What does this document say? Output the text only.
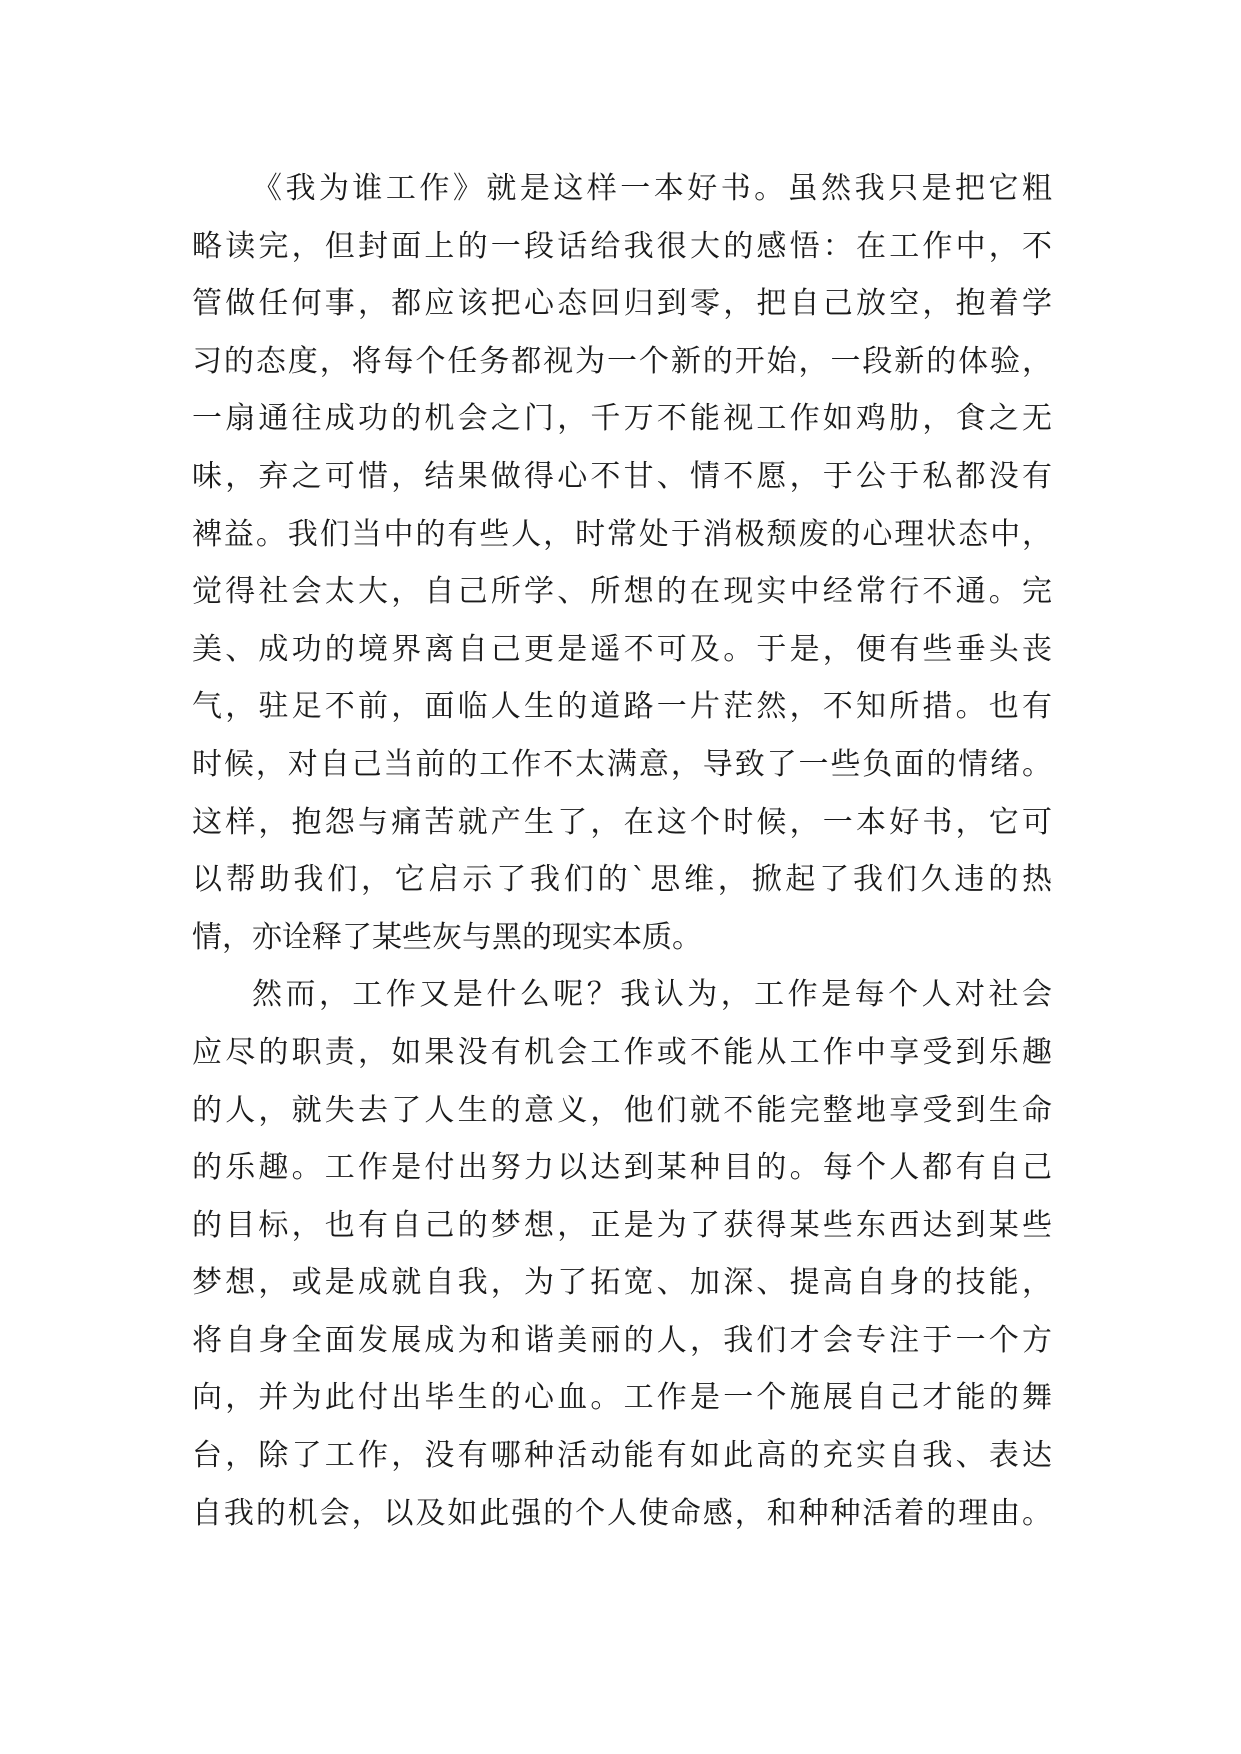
《我为谁工作》就是这样一本好书。虽然我只是把它粗
略读完，但封面上的一段话给我很大的感悟：在工作中，不
管做任何事，都应该把心态回归到零，把自己放空，抱着学
习的态度，将每个任务都视为一个新的开始，一段新的体验，
一扇通往成功的机会之门，千万不能视工作如鸡肋，食之无
味，弃之可惜，结果做得心不甘、情不愿，于公于私都没有
裨益。我们当中的有些人，时常处于消极颓废的心理状态中，
觉得社会太大，自己所学、所想的在现实中经常行不通。完
美、成功的境界离自己更是遥不可及。于是，便有些垂头丧
气，驻足不前，面临人生的道路一片茫然，不知所措。也有
时候，对自己当前的工作不太满意，导致了一些负面的情绪。
这样，抱怨与痛苦就产生了，在这个时候，一本好书，它可
以帮助我们，它启示了我们的`思维，掀起了我们久违的热
情，亦诠释了某些灰与黑的现实本质。
然而，工作又是什么呢？我认为，工作是每个人对社会
应尽的职责，如果没有机会工作或不能从工作中享受到乐趣
的人，就失去了人生的意义，他们就不能完整地享受到生命
的乐趣。工作是付出努力以达到某种目的。每个人都有自己
的目标，也有自己的梦想，正是为了获得某些东西达到某些
梦想，或是成就自我，为了拓宽、加深、提高自身的技能，
将自身全面发展成为和谐美丽的人，我们才会专注于一个方
向，并为此付出毕生的心血。工作是一个施展自己才能的舞
台，除了工作，没有哪种活动能有如此高的充实自我、表达
自我的机会，以及如此强的个人使命感，和种种活着的理由。
